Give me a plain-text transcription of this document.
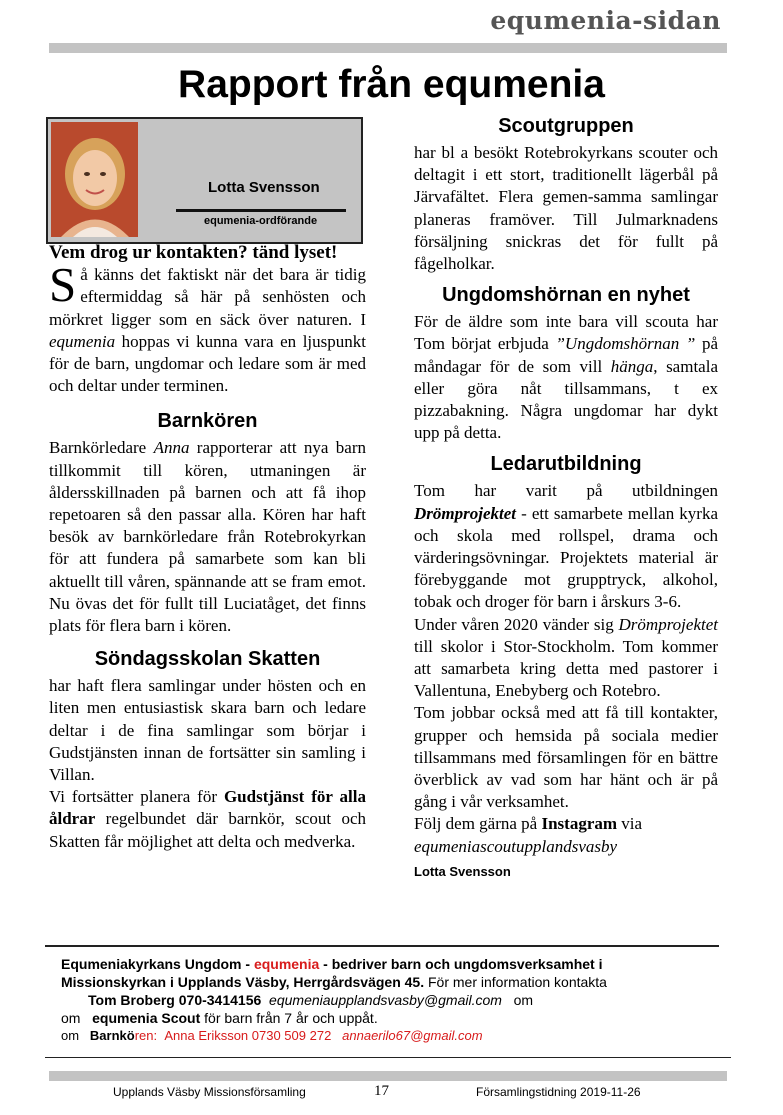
equmenia-sidan
Rapport från equmenia
Lotta Svensson
equmenia-ordförande

Vem drog ur kontakten? tänd lyset!

Så känns det faktiskt när det bara är tidig eftermiddag så här på senhösten och mörkret ligger som en säck över naturen. I equmenia hoppas vi kunna vara en ljuspunkt för de barn, ungdomar och ledare som är med och deltar under terminen.

Barnkören

Barnkörledare Anna rapporterar att nya barn tillkommit till kören, utmaningen är åldersskillnaden på barnen och att få ihop repetoaren så den passar alla. Kören har haft besök av barnkörledare från Rotebrokyrkan för att fundera på samarbete som kan bli aktuellt till våren, spännande att se fram emot. Nu övas det för fullt till Luciatåget, det finns plats för flera barn i kören.

Söndagsskolan Skatten

har haft flera samlingar under hösten och en liten men entusiastisk skara barn och ledare deltar i de fina samlingar som börjar i Gudstjänsten innan de fortsätter sin samling i Villan.

Vi fortsätter planera för Gudstjänst för alla åldrar regelbundet där barnkör, scout och Skatten får möjlighet att delta och medverka.

Scoutgruppen

har bl a besökt Rotebrokyrkans scouter och deltagit i ett stort, traditionellt lägerbål på Järvafältet. Flera gemen-samma samlingar planeras framöver. Till Julmarknadens försäljning snickras det för fullt på fågelholkar.

Ungdomshörnan en nyhet

För de äldre som inte bara vill scouta har Tom börjat erbjuda ”Ungdomshörnan ” på måndagar för de som vill hänga, samtala eller göra nåt tillsammans, t ex pizzabakning. Några ungdomar har dykt upp på detta.

Ledarutbildning

Tom har varit på utbildningen Drömprojektet - ett samarbete mellan kyrka och skola med rollspel, drama och värderingsövningar. Projektets material är förebyggande mot grupptryck, alkohol, tobak och droger för barn i årskurs 3-6.

Under våren 2020 vänder sig Drömprojektet till skolor i Stor-Stockholm. Tom kommer att samarbeta kring detta med pastorer i Vallentuna, Enebyberg och Rotebro.

Tom jobbar också med att få till kontakter, grupper och hemsida på sociala medier tillsammans med församlingen för en bättre överblick av vad som har hänt och är på gång i vår verksamhet.

Följ dem gärna på Instagram via

equmeniascoutupplandsvasby

Lotta Svensson

Equmeniakyrkans Ungdom - equmenia - bedriver barn och ungdomsverksamhet i
Missionskyrkan i Upplands Väsby, Herrgårdsvägen 45. För mer information kontakta
Tom Broberg 070-3414156 equmeniaupplandsvasby@gmail.com om
om equmenia Scout för barn från 7 år och uppåt.
om Barnkören: Anna Eriksson 0730 509 272 annaerilo67@gmail.com
Upplands Väsby Missionsförsamling	17	Församlingstidning 2019-11-26
